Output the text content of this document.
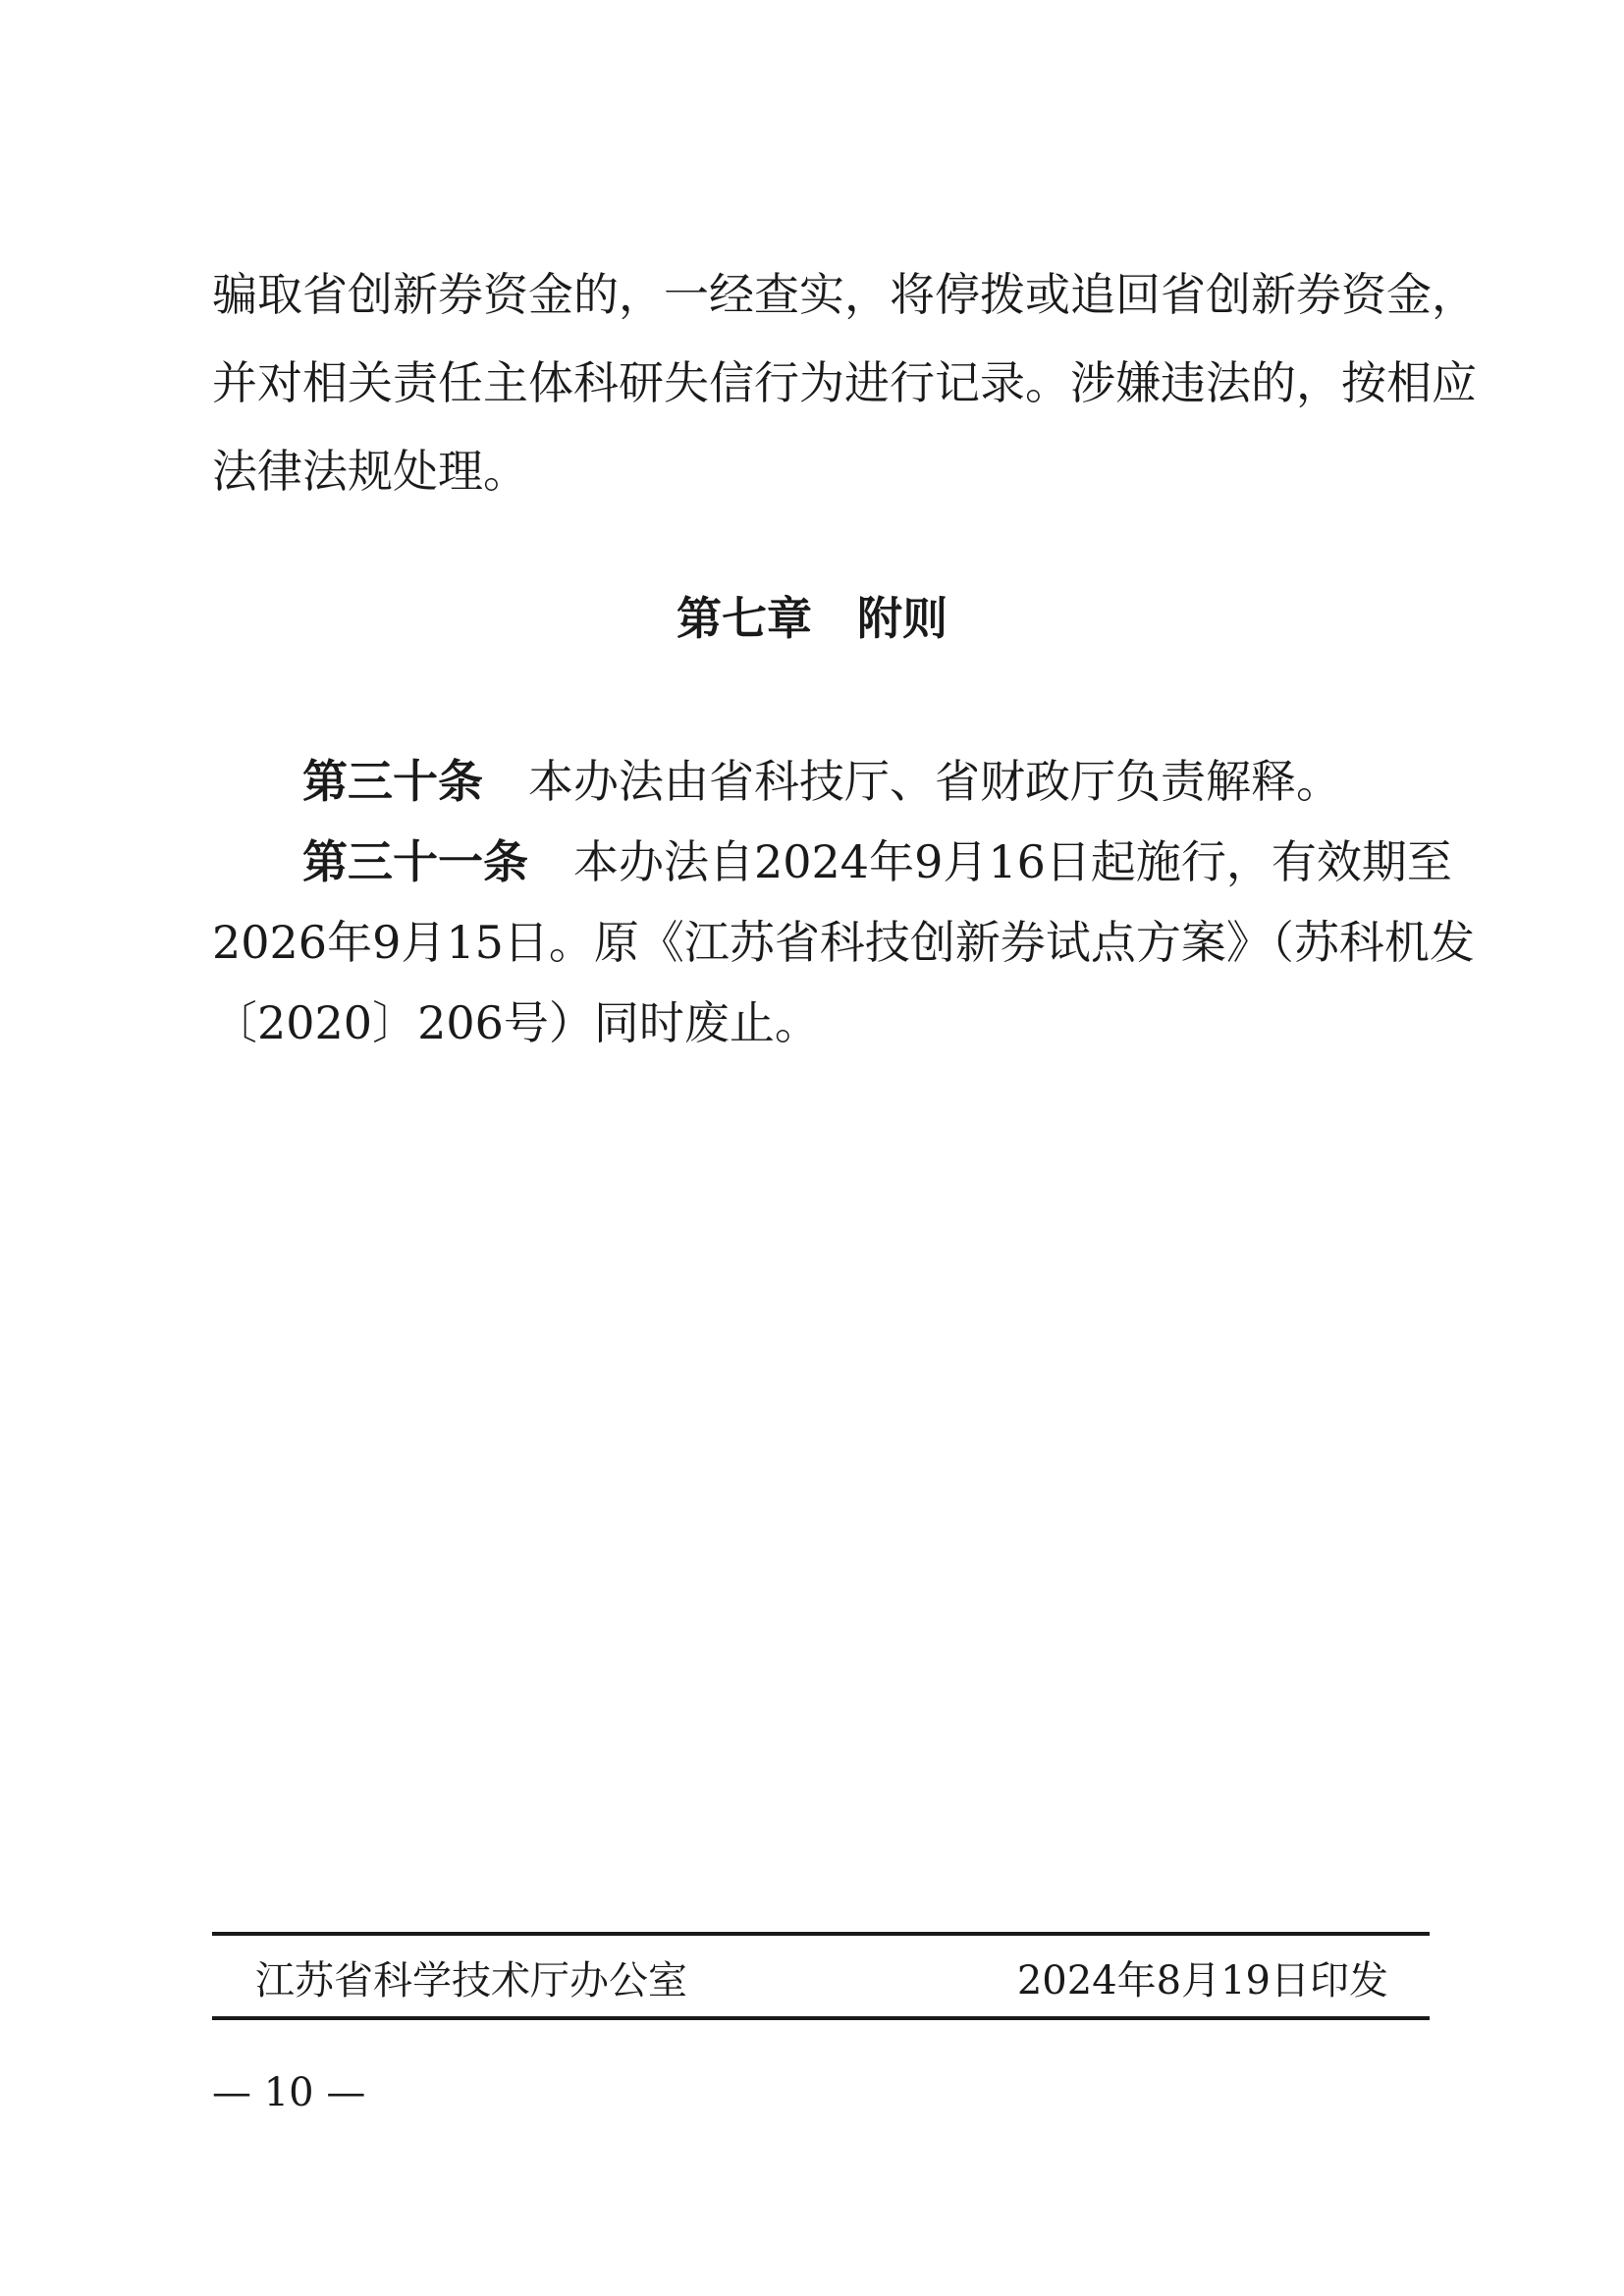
骗取省创新券资金的，一经查实，将停拨或追回省创新券资金，
并对相关责任主体科研失信行为进行记录。涉嫌违法的，按相应
法律法规处理。
第七章 附则
第三十条 本办法由省科技厅、省财政厅负责解释。
第三十一条 本办法自2024年9月16日起施行，有效期至
2026年9月15日。原《江苏省科技创新券试点方案》（苏科机发
〔2020〕206号）同时废止。
江苏省科学技术厅办公室	2024年8月19日印发
— 10 —
